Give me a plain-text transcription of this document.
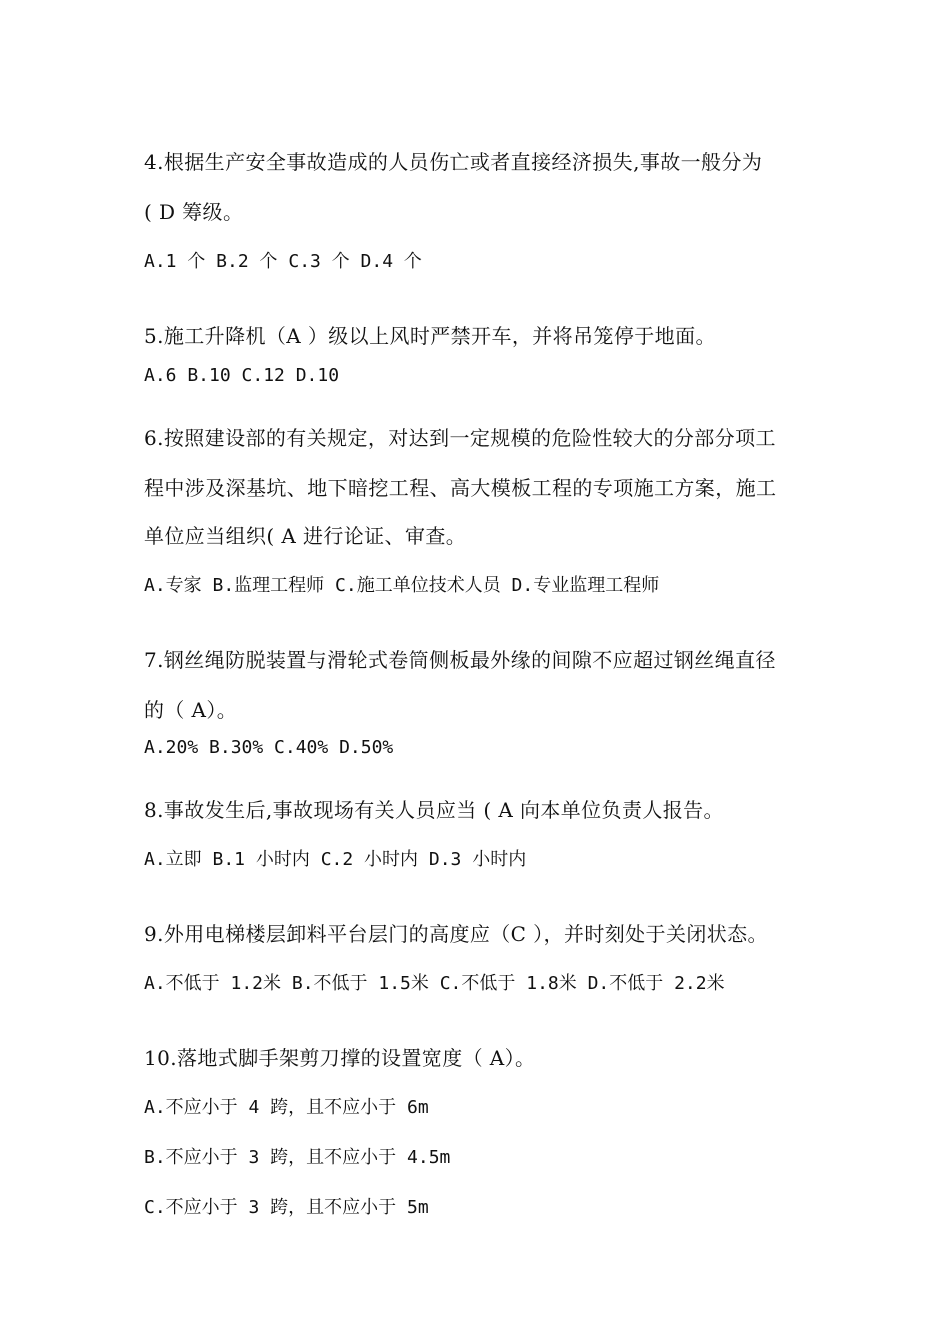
4.根据生产安全事故造成的人员伤亡或者直接经济损失,事故一般分为
( D 筹级。
A.1 个 B.2 个 C.3 个 D.4 个
5.施工升降机（A ）级以上风时严禁开车，并将吊笼停于地面。
A.6 B.10 C.12 D.10
6.按照建设部的有关规定，对达到一定规模的危险性较大的分部分项工
程中涉及深基坑、地下暗挖工程、高大模板工程的专项施工方案，施工
单位应当组织( A 进行论证、审查。
A.专家 B.监理工程师 C.施工单位技术人员 D.专业监理工程师
7.钢丝绳防脱装置与滑轮式卷筒侧板最外缘的间隙不应超过钢丝绳直径
的（ A）。
A.20% B.30% C.40% D.50%
8.事故发生后,事故现场有关人员应当 ( A 向本单位负责人报告。
A.立即 B.1 小时内 C.2 小时内 D.3 小时内
9.外用电梯楼层卸料平台层门的高度应（C ），并时刻处于关闭状态。
A.不低于 1.2米 B.不低于 1.5米 C.不低于 1.8米 D.不低于 2.2米
10.落地式脚手架剪刀撑的设置宽度（ A）。
A.不应小于 4 跨，且不应小于 6m
B.不应小于 3 跨，且不应小于 4.5m
C.不应小于 3 跨，且不应小于 5m
